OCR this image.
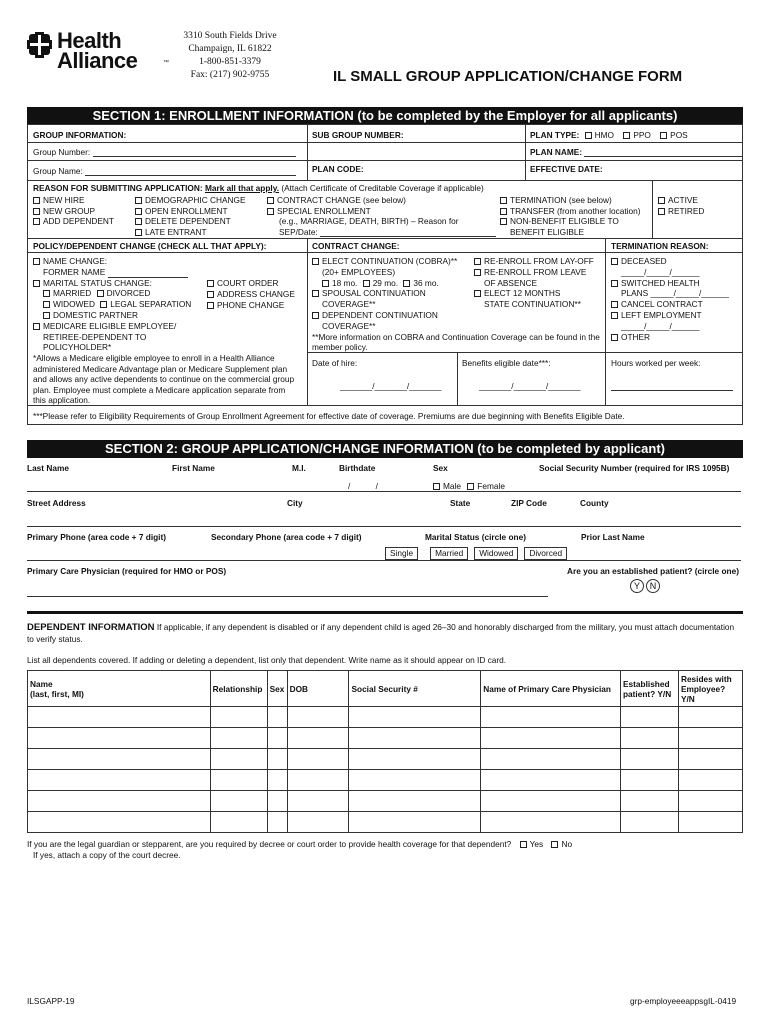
Health
Alliance	™
3310 South Fields Drive
Champaign, IL 61822
1-800-851-3379
Fax: (217) 902-9755	IL SMALL GROUP APPLICATION/CHANGE FORM
SECTION 1: ENROLLMENT INFORMATION (to be completed by the Employer for all applicants)
GROUP INFORMATION:	SUB GROUP NUMBER:	PLAN TYPE: HMO PPO POS
Group Number:	PLAN NAME:
Group Name:	PLAN CODE:	EFFECTIVE DATE:
REASON FOR SUBMITTING APPLICATION: Mark all that apply. (Attach Certificate of Creditable Coverage if applicable)
NEW HIRE
NEW GROUP
ADD DEPENDENT
DEMOGRAPHIC CHANGE
OPEN ENROLLMENT
DELETE DEPENDENT
LATE ENTRANT
CONTRACT CHANGE (see below)
SPECIAL ENROLLMENT
(e.g., MARRIAGE, DEATH, BIRTH) – Reason for
SEP/Date:
TERMINATION (see below)
TRANSFER (from another location)
NON-BENEFIT ELIGIBLE TO
BENEFIT ELIGIBLE
ACTIVE
RETIRED
POLICY/DEPENDENT CHANGE (CHECK ALL THAT APPLY):	CONTRACT CHANGE:	TERMINATION REASON:
NAME CHANGE:
FORMER NAME
MARITAL STATUS CHANGE:
MARRIED DIVORCED
WIDOWED LEGAL SEPARATION
DOMESTIC PARTNER
MEDICARE ELIGIBLE EMPLOYEE/
RETIREE-DEPENDENT TO
POLICYHOLDER*
*Allows a Medicare eligible employee to enroll in a Health Alliance administered Medicare Advantage plan or Medicare Supplement plan and allows any active dependents to continue on the commercial group plan. Employee must complete a Medicare application separate from this application.
COURT ORDER
ADDRESS CHANGE
PHONE CHANGE
ELECT CONTINUATION (COBRA)**
(20+ EMPLOYEES)
18 mo. 29 mo. 36 mo.
SPOUSAL CONTINUATION
COVERAGE**
DEPENDENT CONTINUATION
COVERAGE**
**More information on COBRA and Continuation Coverage can be found in the member policy.
RE-ENROLL FROM LAY-OFF
RE-ENROLL FROM LEAVE
OF ABSENCE
ELECT 12 MONTHS
STATE CONTINUATION**
DECEASED
_____/_____/______
SWITCHED HEALTH
PLANS _____/_____/______
CANCEL CONTRACT
LEFT EMPLOYMENT
_____/_____/______
OTHER
Date of hire:
_______/_______/_______
Benefits eligible date***:
_______/_______/_______
Hours worked per week:
***Please refer to Eligibility Requirements of Group Enrollment Agreement for effective date of coverage. Premiums are due beginning with Benefits Eligible Date.
SECTION 2: GROUP APPLICATION/CHANGE INFORMATION (to be completed by applicant)
Last Name	First Name	M.I.	Birthdate	Sex	Social Security Number (required for IRS 1095B)
/           /	Male Female
Street Address	City	State	ZIP Code	County
Primary Phone (area code + 7 digit)	Secondary Phone (area code + 7 digit)	Marital Status (circle one)	Prior Last Name
Single	Married Widowed Divorced
Primary Care Physician (required for HMO or POS)	Are you an established patient? (circle one)
Y N
DEPENDENT INFORMATION If applicable, if any dependent is disabled or if any dependent child is aged 26–30 and honorably discharged from the military, you must attach documentation to verify status.
List all dependents covered. If adding or deleting a dependent, list only that dependent. Write name as it should appear on ID card.
Name
(last, first, MI)	Relationship	Sex	DOB	Social Security #	Name of Primary Care Physician	Established patient? Y/N	Resides with Employee? Y/N

If you are the legal guardian or stepparent, are you required by decree or court order to provide health coverage for that dependent? Yes No
If yes, attach a copy of the court decree.
ILSGAPP-19	grp-employeeeappsgIL-0419
